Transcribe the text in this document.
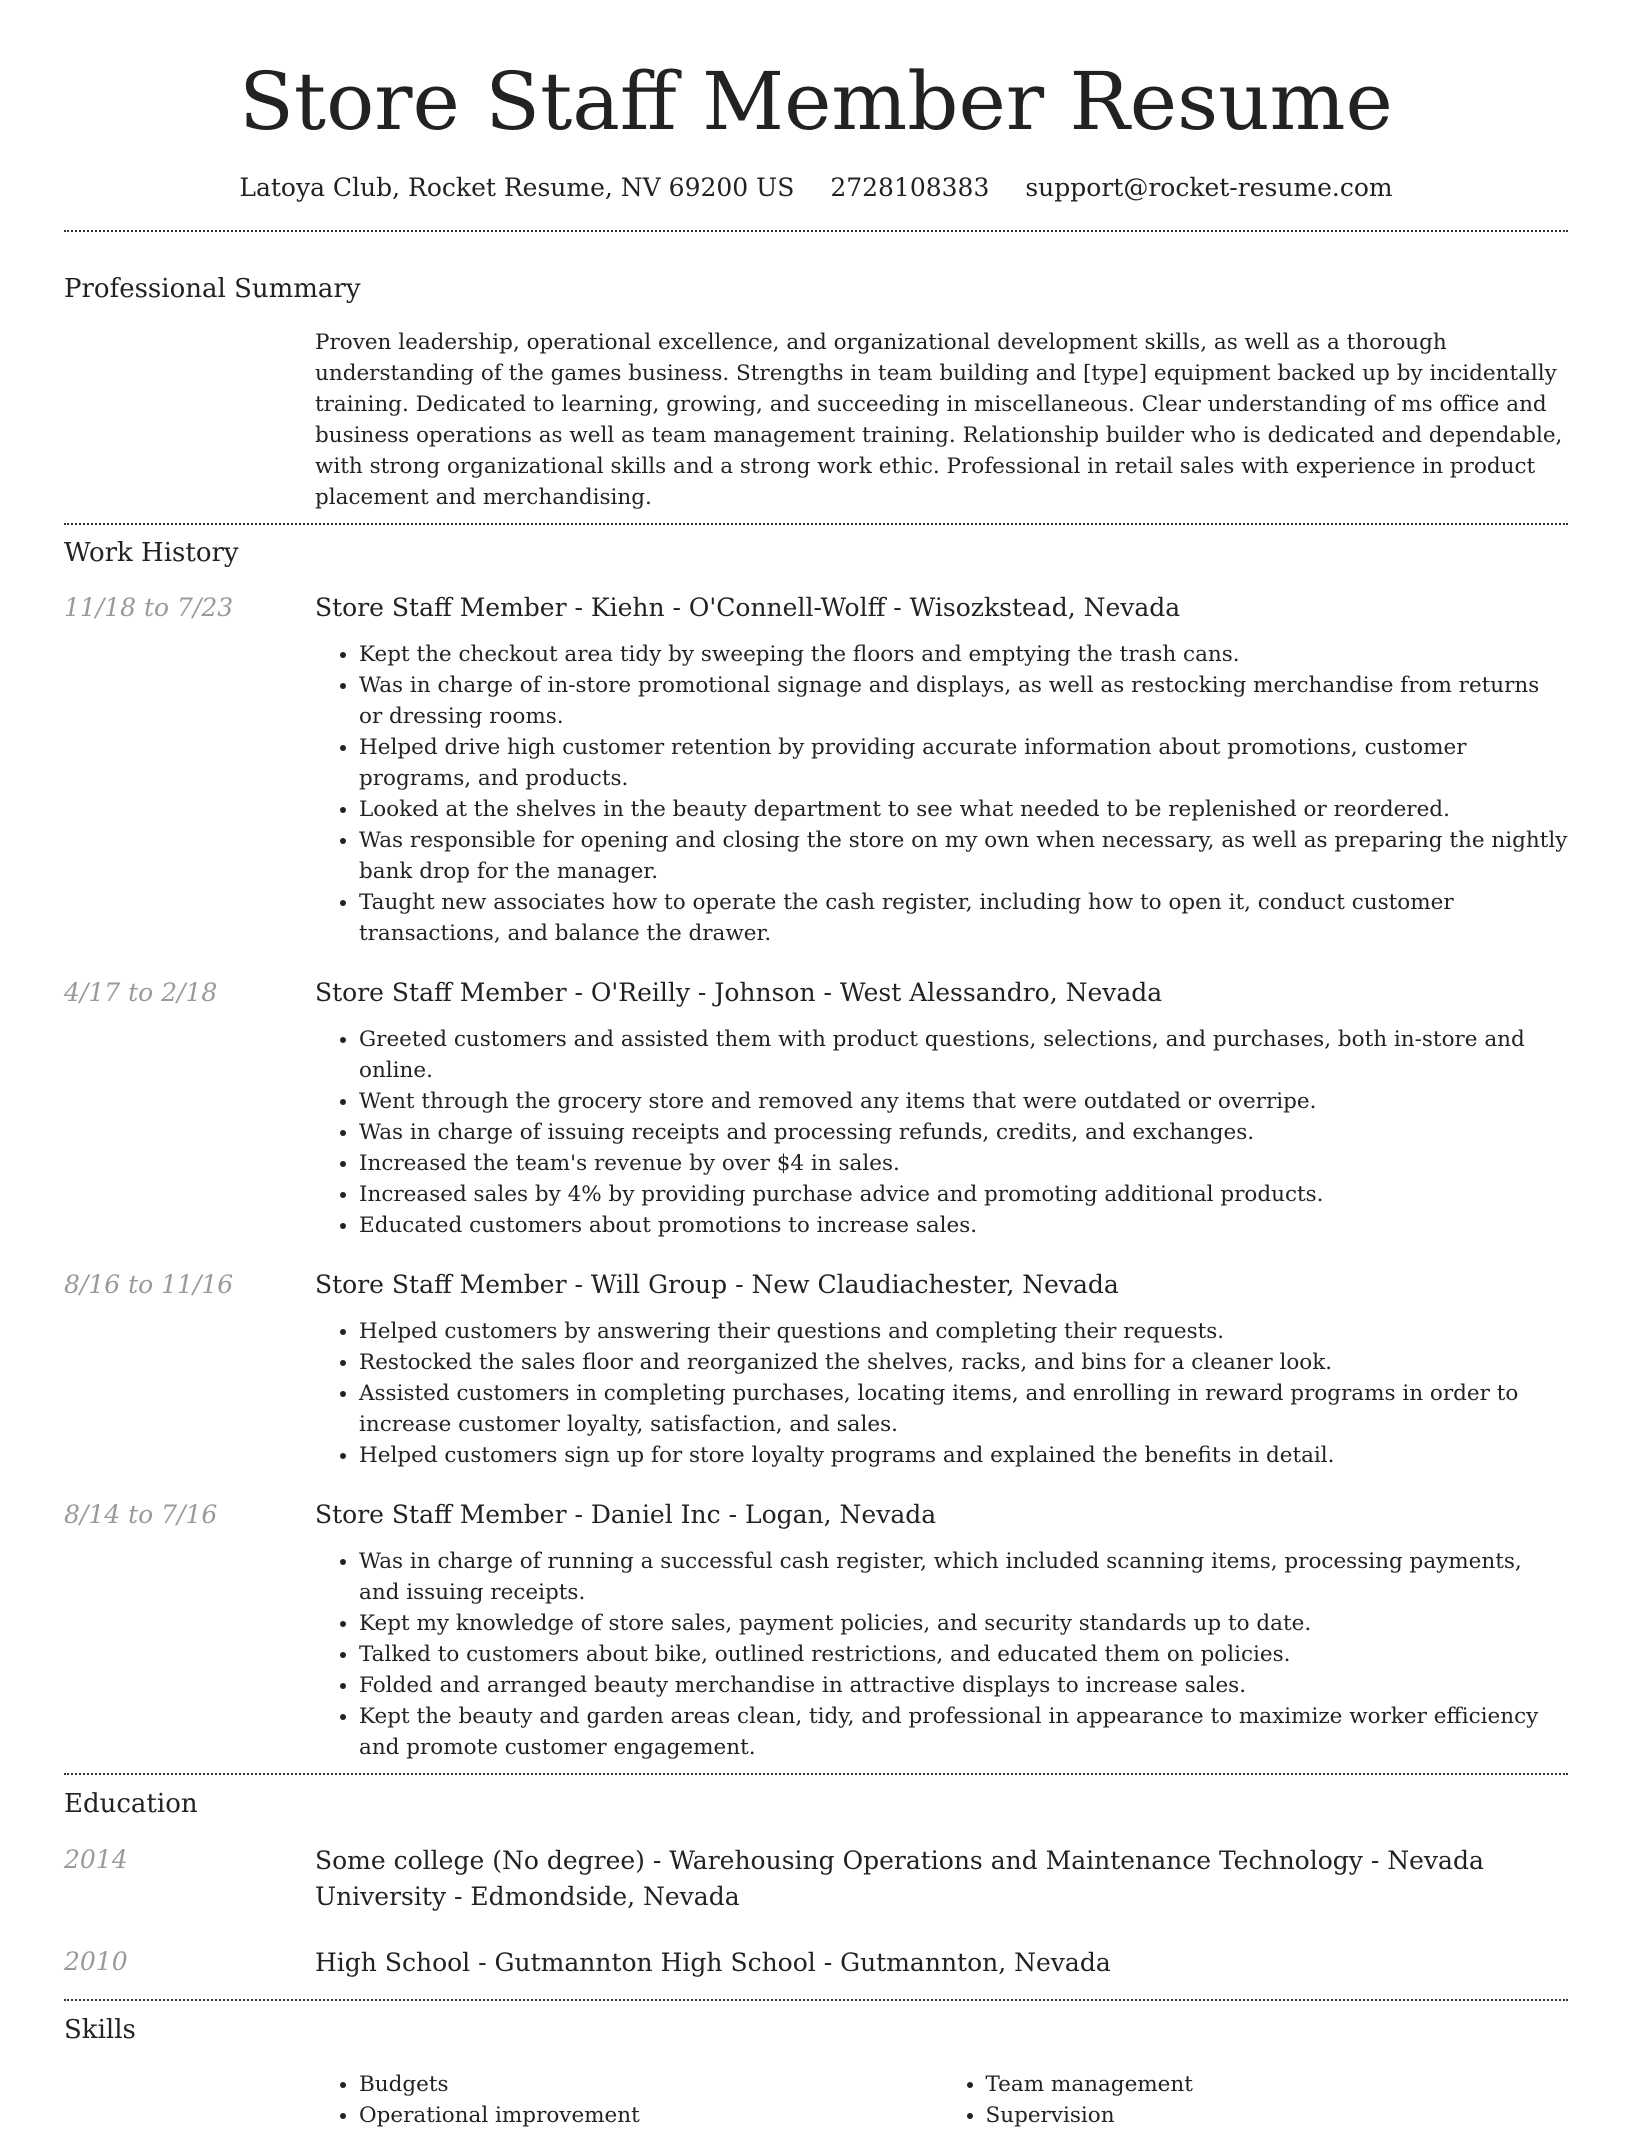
Store Staff Member Resume
Latoya Club, Rocket Resume, NV 69200 US 2728108383 support@rocket-resume.com
Professional Summary

Proven leadership, operational excellence, and organizational development skills, as well as a thorough understanding of the games business. Strengths in team building and [type] equipment backed up by incidentally training. Dedicated to learning, growing, and succeeding in miscellaneous. Clear understanding of ms office and business operations as well as team management training. Relationship builder who is dedicated and dependable, with strong organizational skills and a strong work ethic. Professional in retail sales with experience in product placement and merchandising.

Work History
11/18 to 7/23	Store Staff Member - Kiehn - O'Connell-Wolff - Wisozkstead, Nevada
• Kept the checkout area tidy by sweeping the floors and emptying the trash cans.
• Was in charge of in-store promotional signage and displays, as well as restocking merchandise from returns or dressing rooms.
• Helped drive high customer retention by providing accurate information about promotions, customer programs, and products.
• Looked at the shelves in the beauty department to see what needed to be replenished or reordered.
• Was responsible for opening and closing the store on my own when necessary, as well as preparing the nightly bank drop for the manager.
• Taught new associates how to operate the cash register, including how to open it, conduct customer transactions, and balance the drawer.
4/17 to 2/18	Store Staff Member - O'Reilly - Johnson - West Alessandro, Nevada
• Greeted customers and assisted them with product questions, selections, and purchases, both in-store and online.
• Went through the grocery store and removed any items that were outdated or overripe.
• Was in charge of issuing receipts and processing refunds, credits, and exchanges.
• Increased the team's revenue by over $4 in sales.
• Increased sales by 4% by providing purchase advice and promoting additional products.
• Educated customers about promotions to increase sales.
8/16 to 11/16	Store Staff Member - Will Group - New Claudiachester, Nevada
• Helped customers by answering their questions and completing their requests.
• Restocked the sales floor and reorganized the shelves, racks, and bins for a cleaner look.
• Assisted customers in completing purchases, locating items, and enrolling in reward programs in order to increase customer loyalty, satisfaction, and sales.
• Helped customers sign up for store loyalty programs and explained the benefits in detail.
8/14 to 7/16	Store Staff Member - Daniel Inc - Logan, Nevada
• Was in charge of running a successful cash register, which included scanning items, processing payments, and issuing receipts.
• Kept my knowledge of store sales, payment policies, and security standards up to date.
• Talked to customers about bike, outlined restrictions, and educated them on policies.
• Folded and arranged beauty merchandise in attractive displays to increase sales.
• Kept the beauty and garden areas clean, tidy, and professional in appearance to maximize worker efficiency and promote customer engagement.
Education
2014	Some college (No degree) - Warehousing Operations and Maintenance Technology - Nevada University - Edmondside, Nevada
2010	High School - Gutmannton High School - Gutmannton, Nevada
Skills
• Budgets
• Operational improvement
• Team management
• Supervision
